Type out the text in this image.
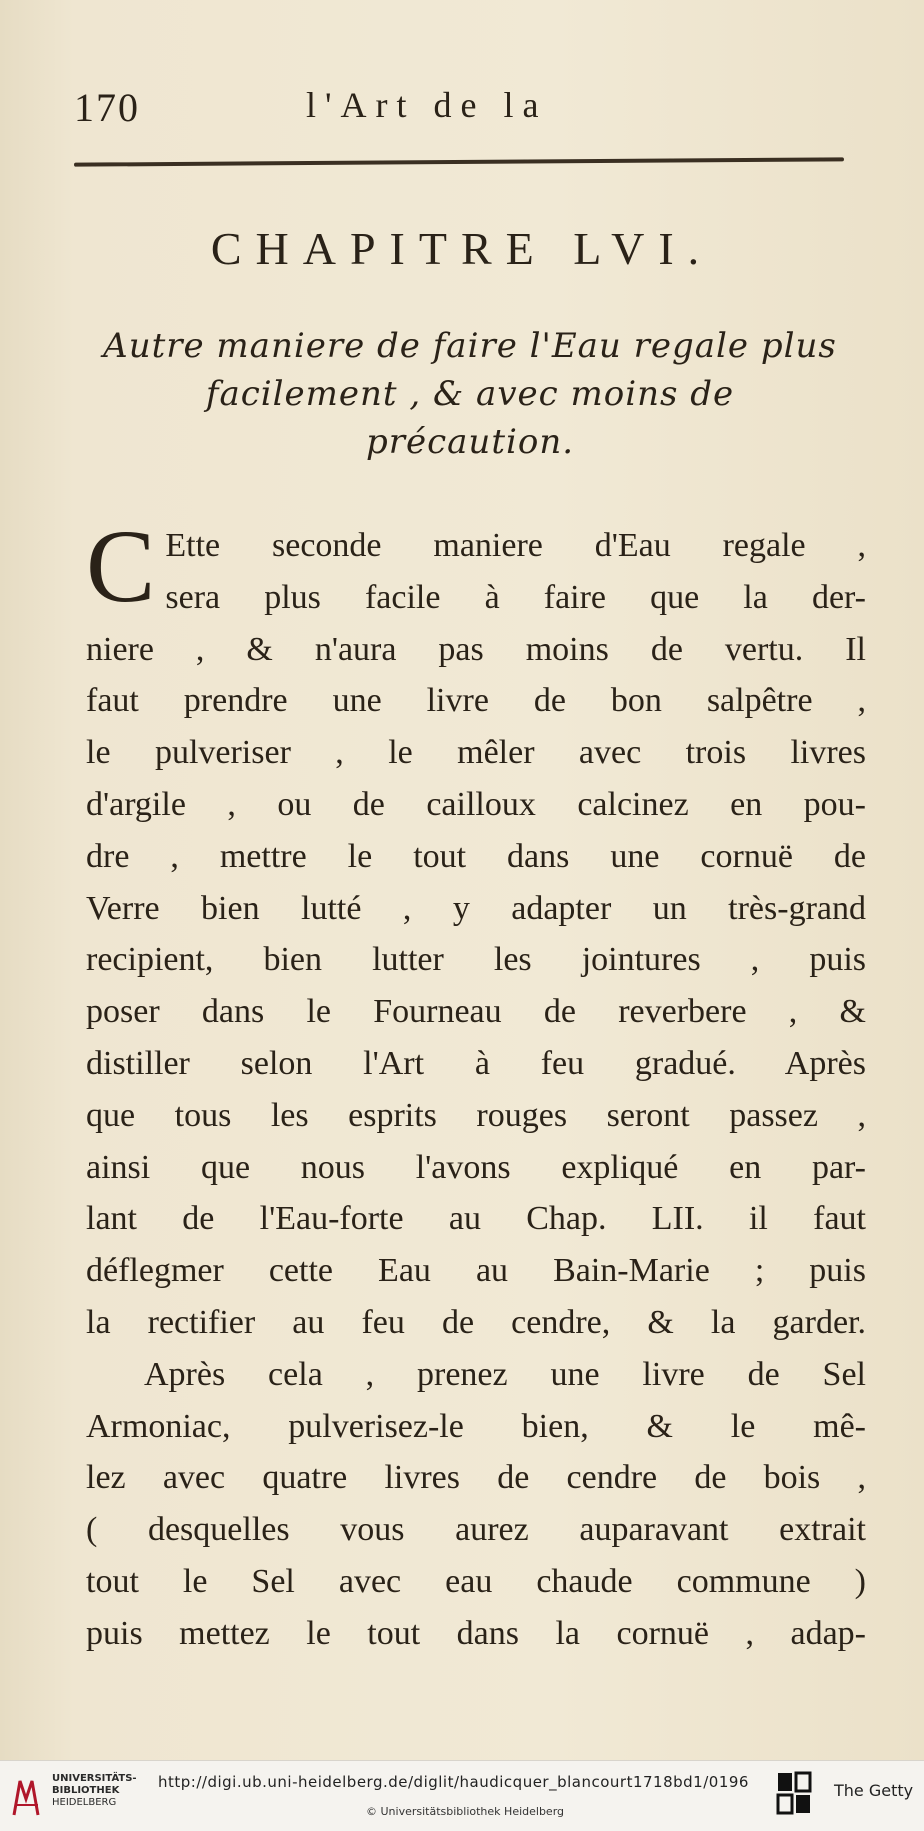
170	l'Art de la
CHAPITRE LVI.
Autre maniere de faire l'Eau regale plus
facilement , & avec moins de
précaution.
C Ette seconde maniere d'Eau regale ,
sera plus facile à faire que la der-
niere , & n'aura pas moins de vertu. Il
faut prendre une livre de bon salpêtre ,
le pulveriser , le mêler avec trois livres
d'argile , ou de cailloux calcinez en pou-
dre , mettre le tout dans une cornuë de
Verre bien lutté , y adapter un très-grand
recipient, bien lutter les jointures , puis
poser dans le Fourneau de reverbere , &
distiller selon l'Art à feu gradué. Après
que tous les esprits rouges seront passez ,
ainsi que nous l'avons expliqué en par-
lant de l'Eau-forte au Chap. LII. il faut
déflegmer cette Eau au Bain-Marie ; puis
la rectifier au feu de cendre, & la garder.
Après cela , prenez une livre de Sel
Armoniac, pulverisez-le bien, & le mê-
lez avec quatre livres de cendre de bois ,
( desquelles vous aurez auparavant extrait
tout le Sel avec eau chaude commune )
puis mettez le tout dans la cornuë , adap-
UNIVERSITÄTS-
BIBLIOTHEK
HEIDELBERG
http://digi.ub.uni-heidelberg.de/diglit/haudicquer_blancourt1718bd1/0196
© Universitätsbibliothek Heidelberg
The Getty
